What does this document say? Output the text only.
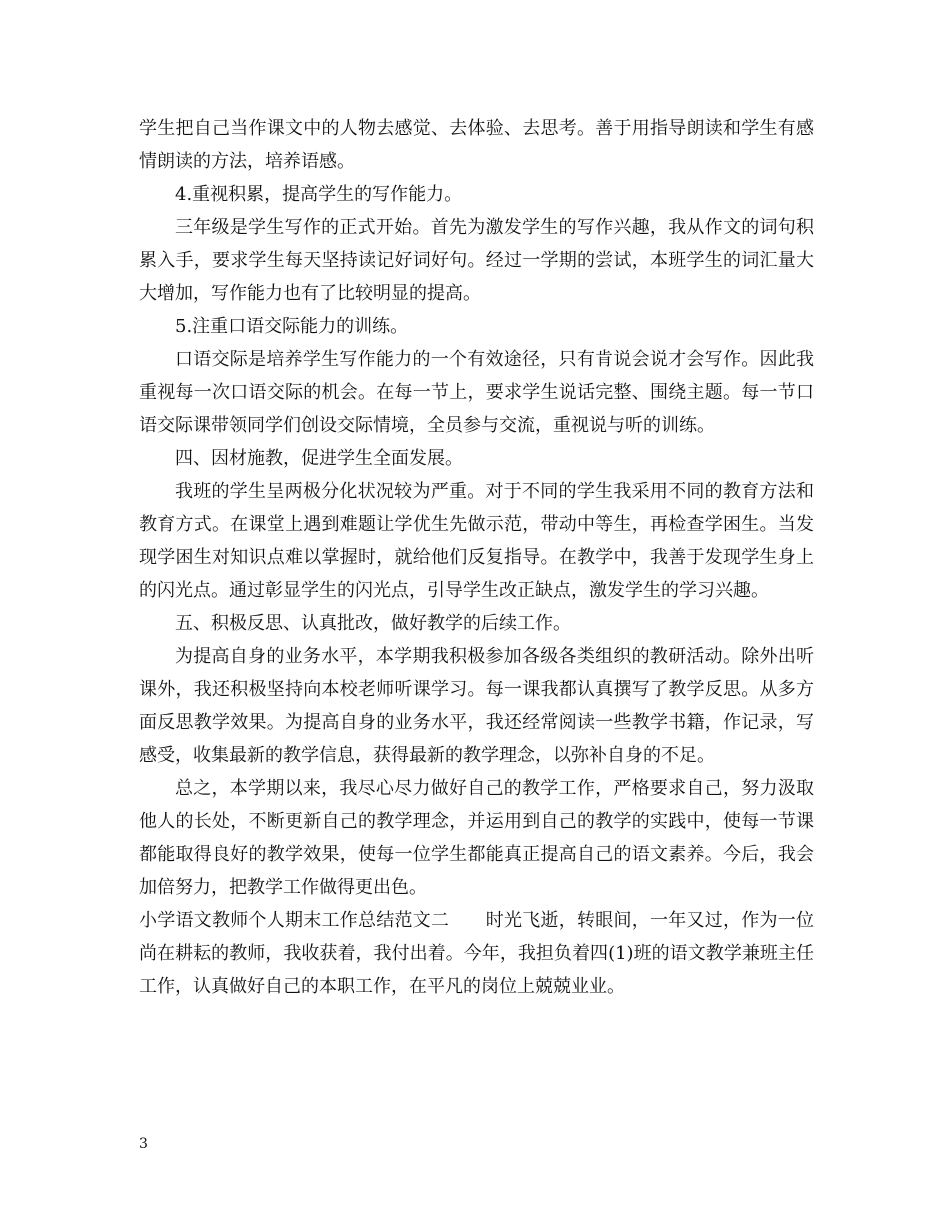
学生把自己当作课文中的人物去感觉、去体验、去思考。善于用指导朗读和学生有感情朗读的方法，培养语感。

4.重视积累，提高学生的写作能力。

三年级是学生写作的正式开始。首先为激发学生的写作兴趣，我从作文的词句积累入手，要求学生每天坚持读记好词好句。经过一学期的尝试，本班学生的词汇量大大增加，写作能力也有了比较明显的提高。

5.注重口语交际能力的训练。

口语交际是培养学生写作能力的一个有效途径，只有肯说会说才会写作。因此我重视每一次口语交际的机会。在每一节上，要求学生说话完整、围绕主题。每一节口语交际课带领同学们创设交际情境，全员参与交流，重视说与听的训练。

四、因材施教，促进学生全面发展。

我班的学生呈两极分化状况较为严重。对于不同的学生我采用不同的教育方法和教育方式。在课堂上遇到难题让学优生先做示范，带动中等生，再检查学困生。当发现学困生对知识点难以掌握时，就给他们反复指导。在教学中，我善于发现学生身上的闪光点。通过彰显学生的闪光点，引导学生改正缺点，激发学生的学习兴趣。

五、积极反思、认真批改，做好教学的后续工作。

为提高自身的业务水平，本学期我积极参加各级各类组织的教研活动。除外出听课外，我还积极坚持向本校老师听课学习。每一课我都认真撰写了教学反思。从多方面反思教学效果。为提高自身的业务水平，我还经常阅读一些教学书籍，作记录，写感受，收集最新的教学信息，获得最新的教学理念，以弥补自身的不足。

总之，本学期以来，我尽心尽力做好自己的教学工作，严格要求自己，努力汲取他人的长处，不断更新自己的教学理念，并运用到自己的教学的实践中，使每一节课都能取得良好的教学效果，使每一位学生都能真正提高自己的语文素养。今后，我会加倍努力，把教学工作做得更出色。

小学语文教师个人期末工作总结范文二　　时光飞逝，转眼间，一年又过，作为一位尚在耕耘的教师，我收获着，我付出着。今年，我担负着四(1)班的语文教学兼班主任工作，认真做好自己的本职工作，在平凡的岗位上兢兢业业。

3
